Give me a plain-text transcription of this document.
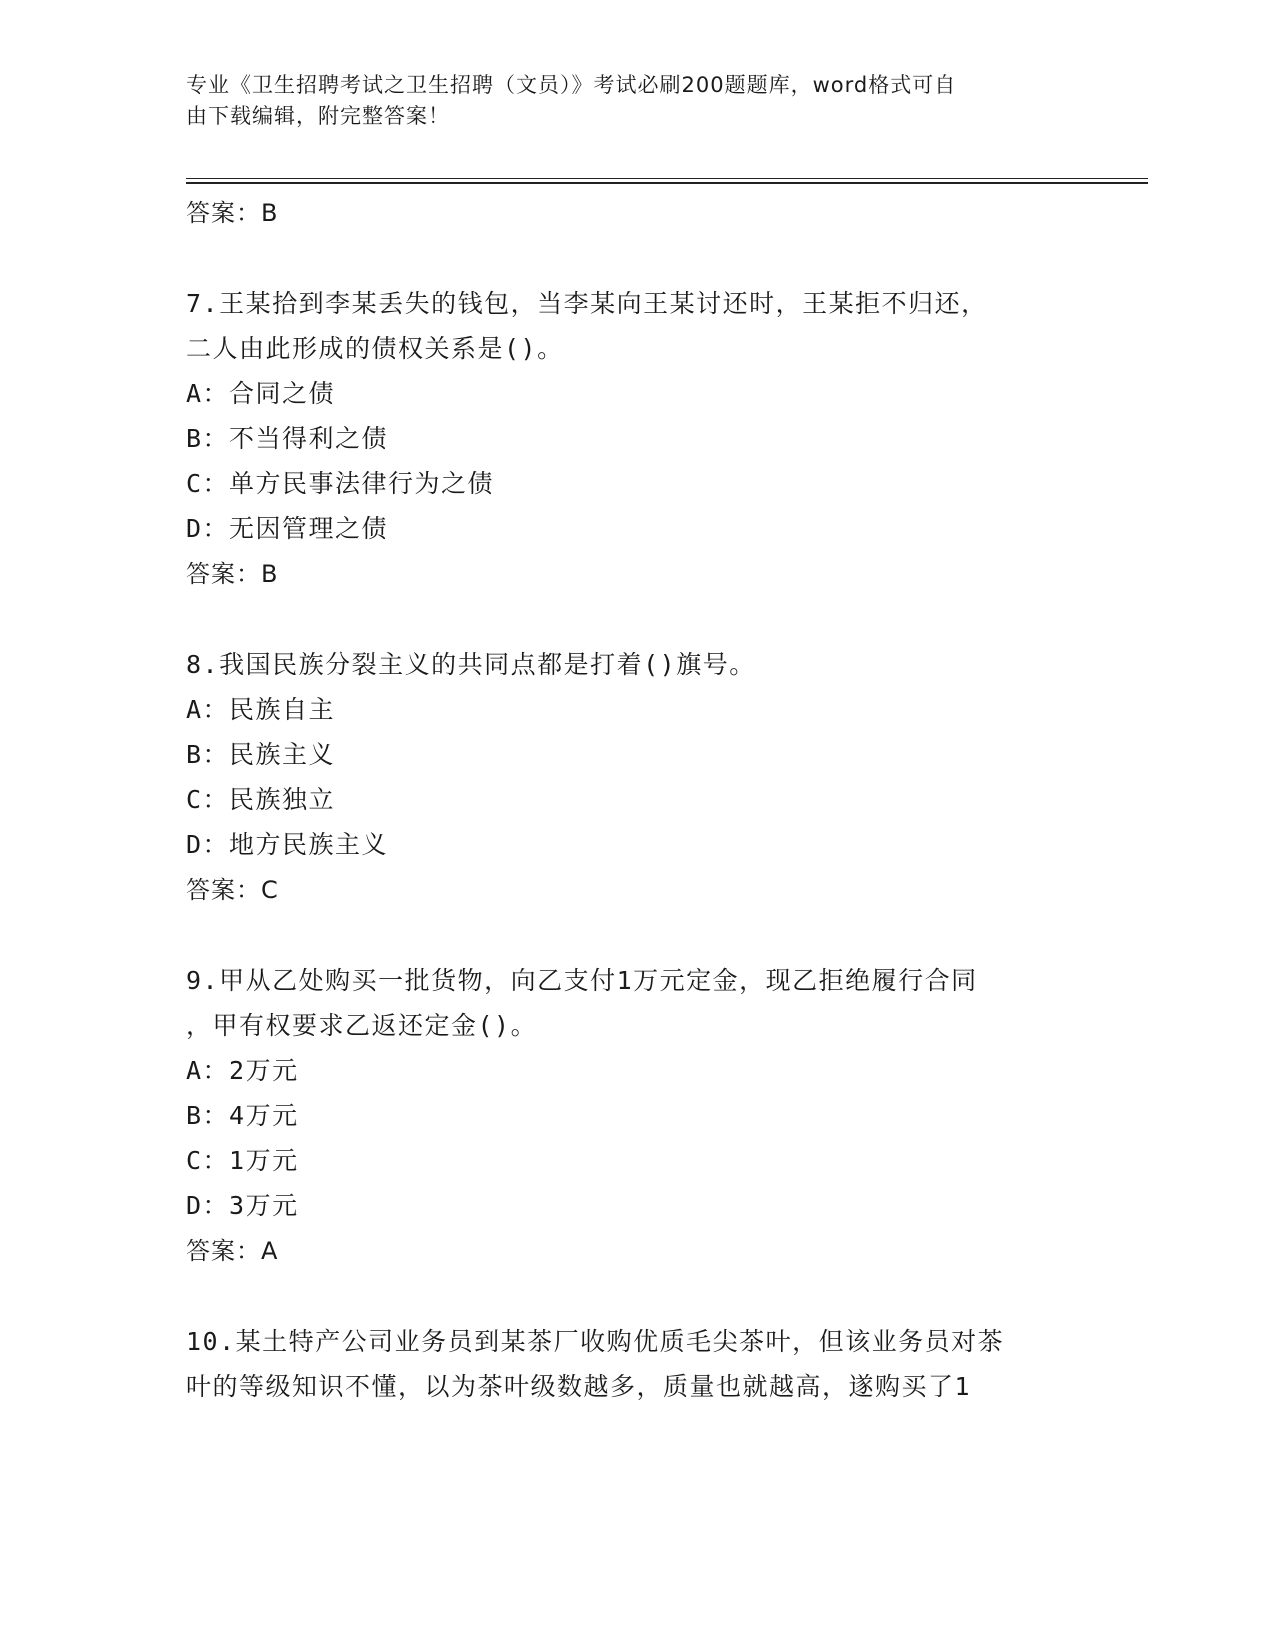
专业《卫生招聘考试之卫生招聘（文员）》考试必刷200题题库，word格式可自
由下载编辑，附完整答案！
答案：B
7.王某拾到李某丢失的钱包，当李某向王某讨还时，王某拒不归还，
二人由此形成的债权关系是()。
A：合同之债
B：不当得利之债
C：单方民事法律行为之债
D：无因管理之债
答案：B
8.我国民族分裂主义的共同点都是打着()旗号。
A：民族自主
B：民族主义
C：民族独立
D：地方民族主义
答案：C
9.甲从乙处购买一批货物，向乙支付1万元定金，现乙拒绝履行合同
，甲有权要求乙返还定金()。
A：2万元
B：4万元
C：1万元
D：3万元
答案：A
10.某土特产公司业务员到某茶厂收购优质毛尖茶叶，但该业务员对茶
叶的等级知识不懂，以为茶叶级数越多，质量也就越高，遂购买了1
